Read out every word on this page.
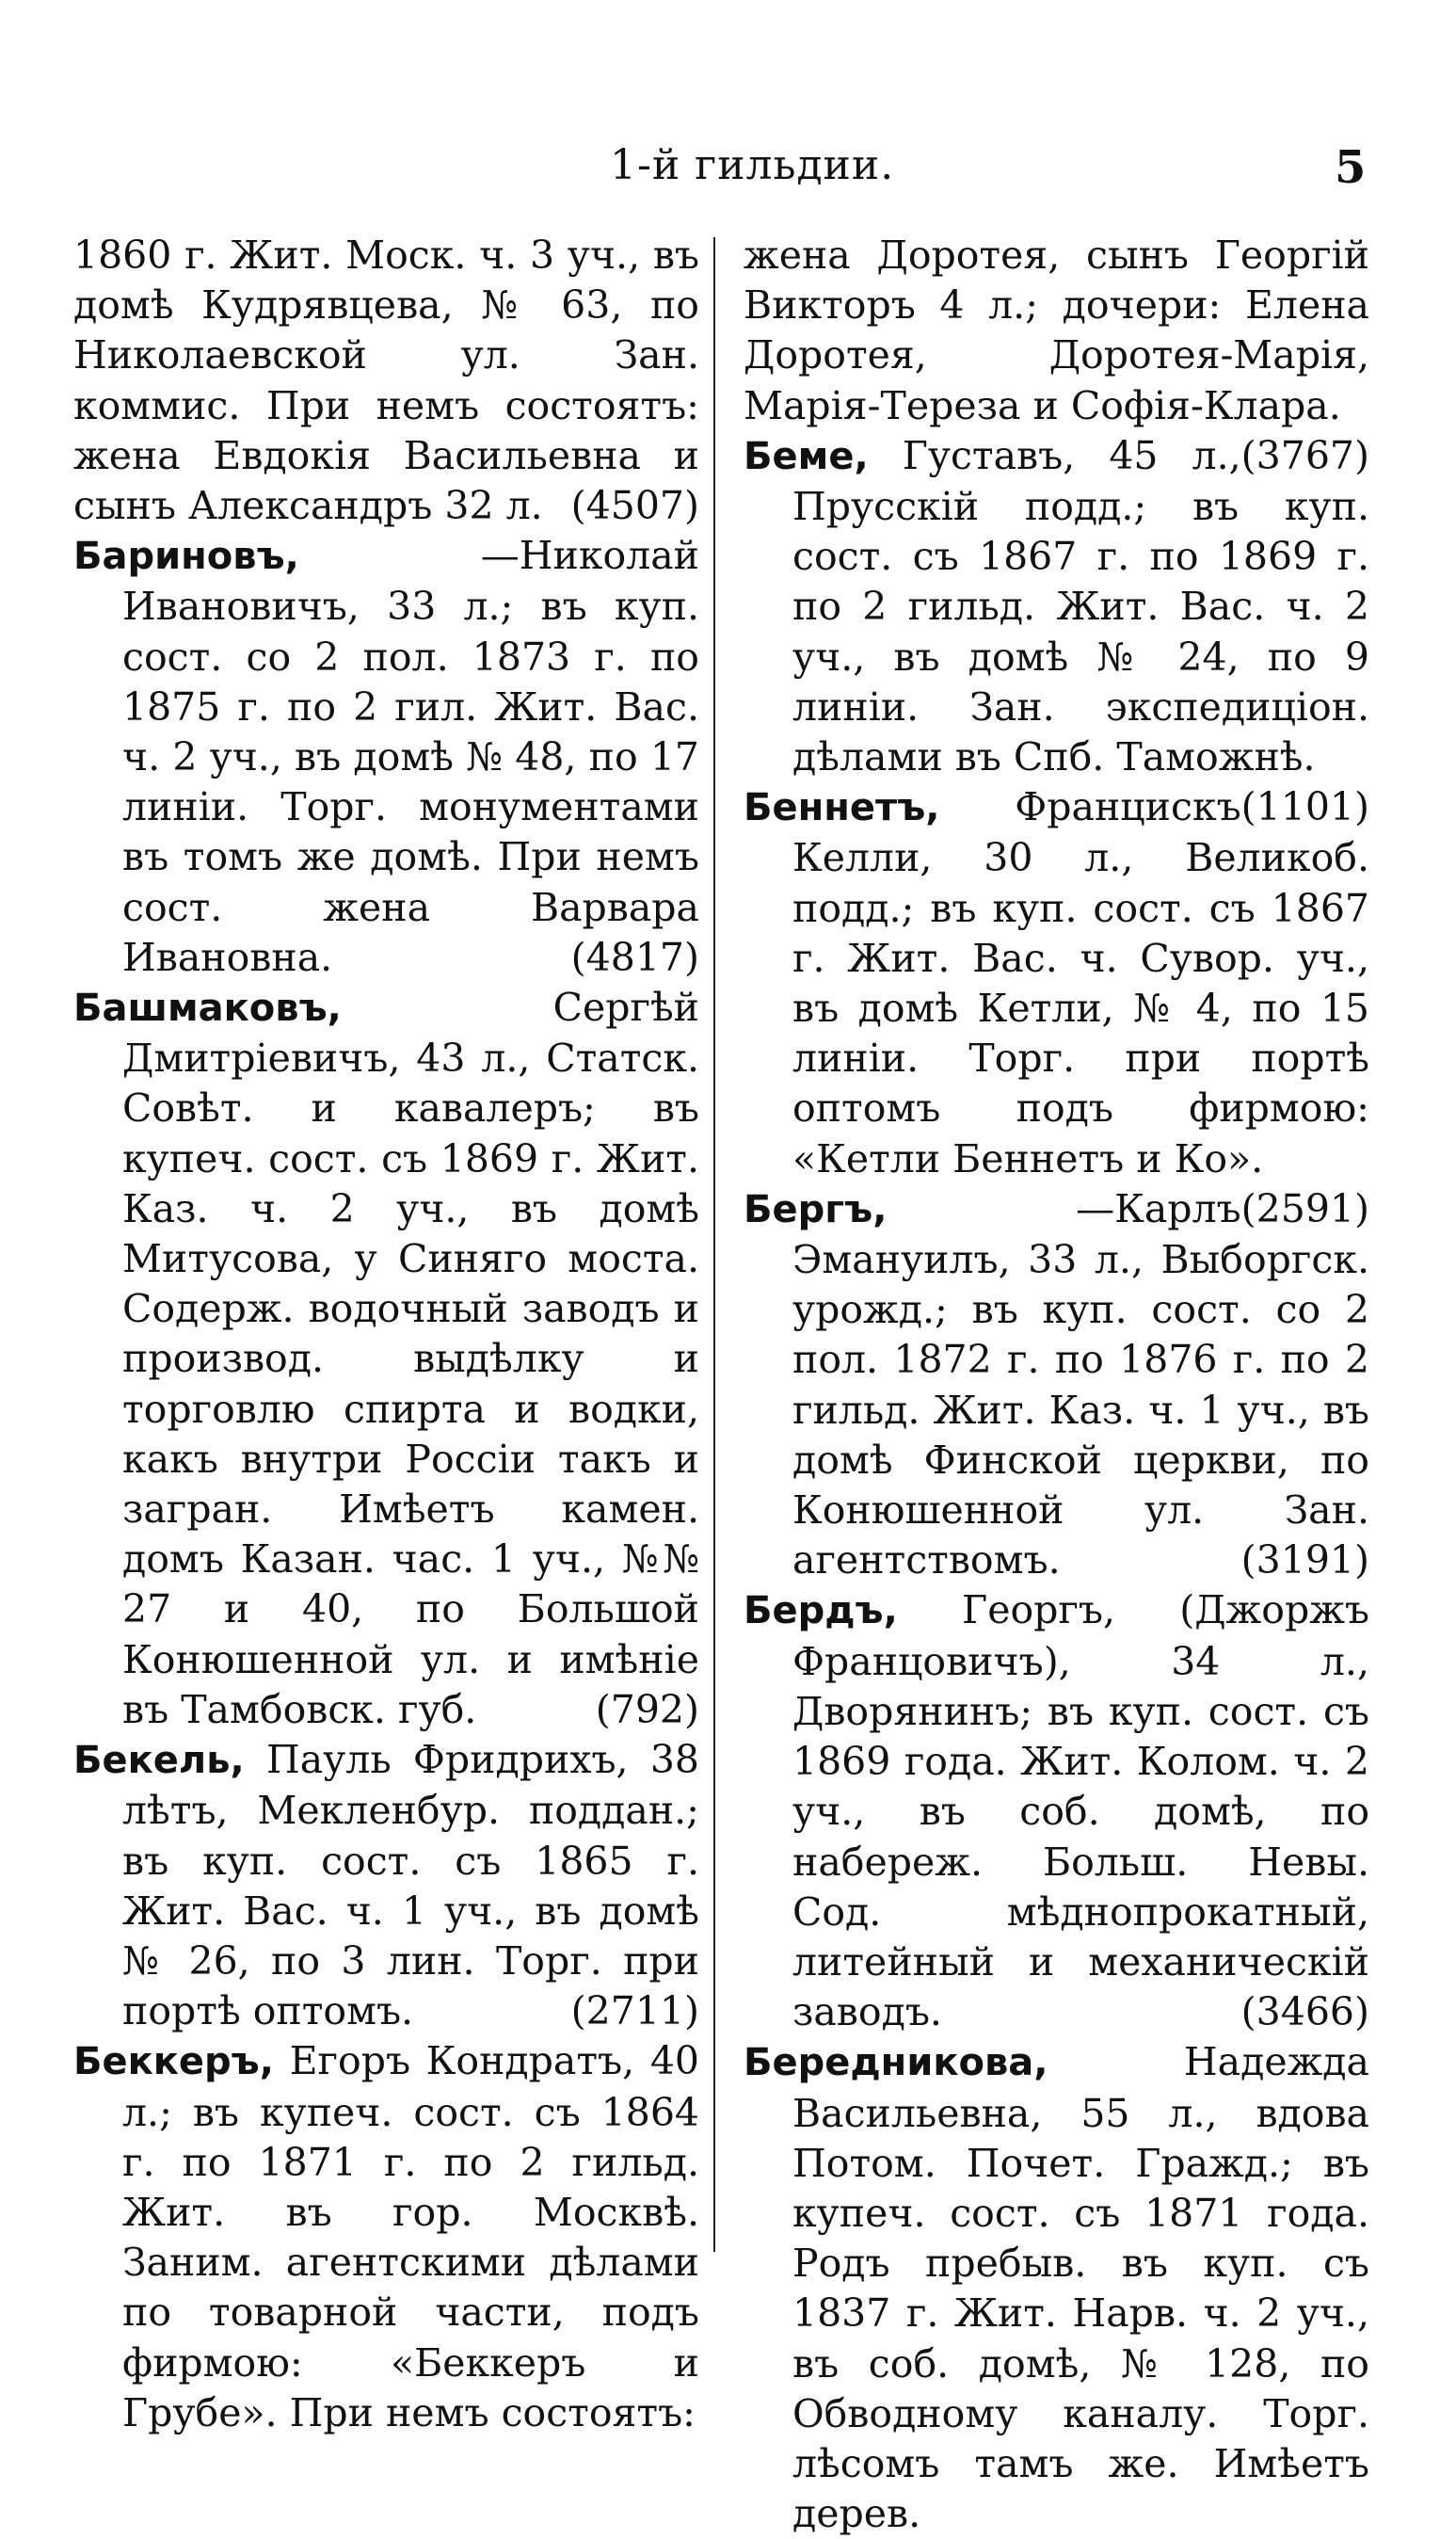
1-й гильдии.	5

1860 г. Жит. Моск. ч. 3 уч., въ домѣ Кудрявцева, № 63, по Николаевской ул. Зан. коммис. При немъ состоятъ: жена Евдокія Васильевна и сынъ Александръ 32 л. (4507)

Бариновъ,	—Николай Ивановичъ, 33 л.; въ куп. сост. со 2 пол. 1873 г. по 1875 г. по 2 гил. Жит. Вас. ч. 2 уч., въ домѣ № 48, по 17 линіи. Торг. монументами въ томъ же домѣ. При немъ сост. жена Варвара Ивановна.	(4817)

Башмаковъ,	Сергѣй Дмитріевичъ, 43 л., Статск. Совѣт. и кавалеръ; въ купеч. сост. съ 1869 г. Жит. Каз. ч. 2 уч., въ домѣ Митусова, у Синяго моста. Содерж. водочный заводъ и производ. выдѣлку и торговлю спирта и водки, какъ внутри Россіи такъ и загран. Имѣетъ камен. домъ Казан. час. 1 уч., №№ 27 и 40, по Большой Конюшенной ул. и имѣніе въ Тамбовск. губ.	(792)

Бекель, Пауль Фридрихъ, 38 лѣтъ, Мекленбур. поддан.; въ куп. сост. съ 1865 г. Жит. Вас. ч. 1 уч., въ домѣ № 26, по 3 лин. Торг. при портѣ оптомъ.	(2711)

Беккеръ, Егоръ Кондратъ, 40 л.; въ купеч. сост. съ 1864 г. по 1871 г. по 2 гильд. Жит. въ гор. Москвѣ. Заним. агентскими дѣлами по товарной части, подъ фирмою: «Беккеръ и Грубе». При немъ состоятъ:

жена Доротея, сынъ Георгій Викторъ 4 л.; дочери: Елена Доротея, Доротея-Марія, Марія-Тереза и Софія-Клара.
(3767)

Беме, Густавъ, 45 л., Прусскій подд.; въ куп. сост. съ 1867 г. по 1869 г. по 2 гильд. Жит. Вас. ч. 2 уч., въ домѣ № 24, по 9 линіи. Зан. экспедиціон. дѣлами въ Спб. Таможнѣ.
(1101)

Беннетъ, Францискъ Келли, 30 л., Великоб. подд.; въ куп. сост. съ 1867 г. Жит. Вас. ч. Сувор. уч., въ домѣ Кетли, № 4, по 15 линіи. Торг. при портѣ оптомъ подъ фирмою: «Кетли Беннетъ и Ко».
(2591)

Бергъ,	—Карлъ Эмануилъ, 33 л., Выборгск. урожд.; въ куп. сост. со 2 пол. 1872 г. по 1876 г. по 2 гильд. Жит. Каз. ч. 1 уч., въ домѣ Финской церкви, по Конюшенной ул. Зан. агентствомъ.	(3191)

Бердъ, Георгъ, (Джоржъ Францовичъ), 34 л., Дворянинъ; въ куп. сост. съ 1869 года. Жит. Колом. ч. 2 уч., въ соб. домѣ, по набереж. Больш. Невы. Сод. мѣднопрокатный, литейный и механическій заводъ.	(3466)

Бередникова,	Надежда Васильевна, 55 л., вдова Потом. Почет. Гражд.; въ купеч. сост. съ 1871 года. Родъ пребыв. въ куп. съ 1837 г. Жит. Нарв. ч. 2 уч., въ соб. домѣ, № 128, по Обводному каналу. Торг. лѣсомъ тамъ же. Имѣетъ дерев.
